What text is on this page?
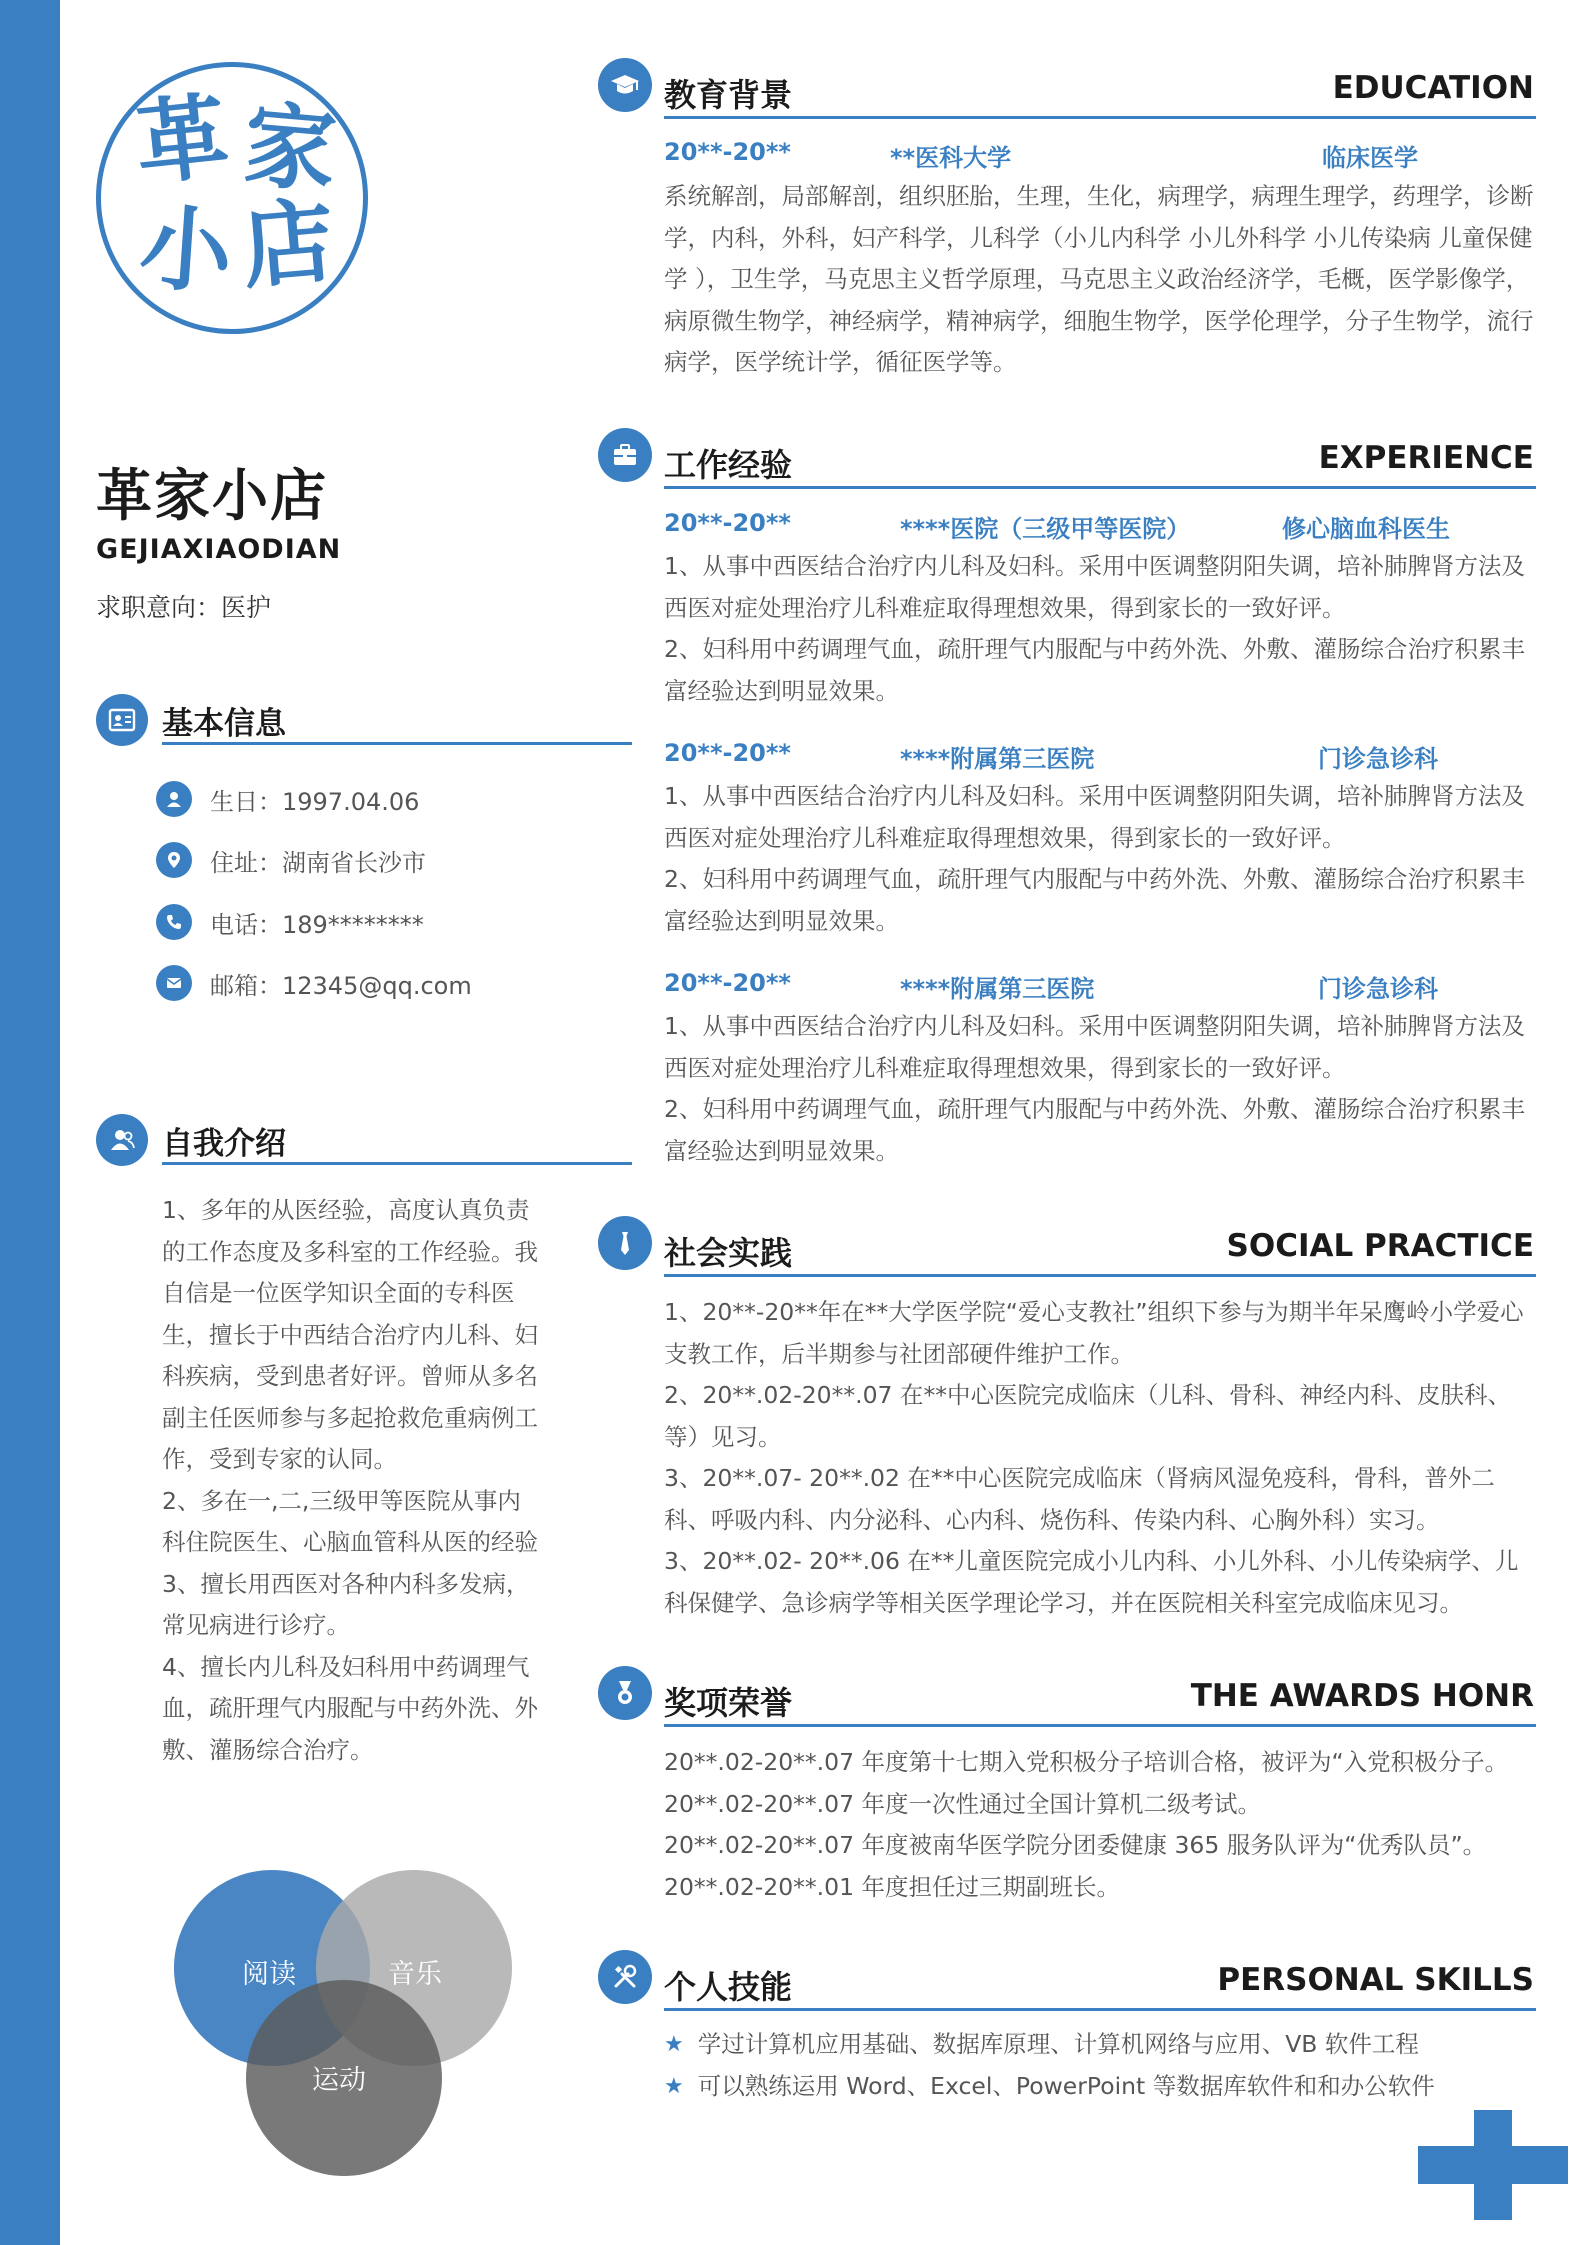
革 家
小 店
革家小店
GEJIAXIAODIAN
求职意向：医护
基本信息
生日：1997.04.06
住址：湖南省长沙市
电话：189********
邮箱：12345@qq.com
自我介绍

1、多年的从医经验，高度认真负责的工作态度及多科室的工作经验。我自信是一位医学知识全面的专科医生，擅长于中西结合治疗内儿科、妇科疾病，受到患者好评。曾师从多名副主任医师参与多起抢救危重病例工作，受到专家的认同。

2、多在一,二,三级甲等医院从事内科住院医生、心脑血管科从医的经验

3、擅长用西医对各种内科多发病，常见病进行诊疗。

4、擅长内儿科及妇科用中药调理气血，疏肝理气内服配与中药外洗、外敷、灌肠综合治疗。

阅读	音乐
运动
教育背景	EDUCATION
20**-20**	**医科大学	临床医学

系统解剖，局部解剖，组织胚胎，生理，生化，病理学，病理生理学，药理学，诊断学，内科，外科，妇产科学，儿科学（小儿内科学 小儿外科学 小儿传染病 儿童保健学 ），卫生学，马克思主义哲学原理，马克思主义政治经济学，毛概，医学影像学，病原微生物学，神经病学，精神病学，细胞生物学，医学伦理学，分子生物学，流行病学，医学统计学，循征医学等。

工作经验	EXPERIENCE
20**-20**	****医院（三级甲等医院）	修心脑血科医生

1、从事中西医结合治疗内儿科及妇科。采用中医调整阴阳失调，培补肺脾肾方法及西医对症处理治疗儿科难症取得理想效果，得到家长的一致好评。

2、妇科用中药调理气血，疏肝理气内服配与中药外洗、外敷、灌肠综合治疗积累丰富经验达到明显效果。

20**-20**	****附属第三医院	门诊急诊科

1、从事中西医结合治疗内儿科及妇科。采用中医调整阴阳失调，培补肺脾肾方法及西医对症处理治疗儿科难症取得理想效果，得到家长的一致好评。

2、妇科用中药调理气血，疏肝理气内服配与中药外洗、外敷、灌肠综合治疗积累丰富经验达到明显效果。

20**-20**	****附属第三医院	门诊急诊科

1、从事中西医结合治疗内儿科及妇科。采用中医调整阴阳失调，培补肺脾肾方法及西医对症处理治疗儿科难症取得理想效果，得到家长的一致好评。

2、妇科用中药调理气血，疏肝理气内服配与中药外洗、外敷、灌肠综合治疗积累丰富经验达到明显效果。

社会实践	SOCIAL PRACTICE

1、20**-20**年在**大学医学院“爱心支教社”组织下参与为期半年呆鹰岭小学爱心支教工作，后半期参与社团部硬件维护工作。

2、20**.02-20**.07 在**中心医院完成临床（儿科、骨科、神经内科、皮肤科、等）见习。

3、20**.07- 20**.02 在**中心医院完成临床（肾病风湿免疫科，骨科，普外二科、呼吸内科、内分泌科、心内科、烧伤科、传染内科、心胸外科）实习。

3、20**.02- 20**.06 在**儿童医院完成小儿内科、小儿外科、小儿传染病学、儿科保健学、急诊病学等相关医学理论学习，并在医院相关科室完成临床见习。

奖项荣誉	THE AWARDS HONR

20**.02-20**.07 年度第十七期入党积极分子培训合格，被评为“入党积极分子。

20**.02-20**.07 年度一次性通过全国计算机二级考试。

20**.02-20**.07 年度被南华医学院分团委健康 365 服务队评为“优秀队员”。

20**.02-20**.01 年度担任过三期副班长。

个人技能	PERSONAL SKILLS
★ 学过计算机应用基础、数据库原理、计算机网络与应用、VB 软件工程
★ 可以熟练运用 Word、Excel、PowerPoint 等数据库软件和和办公软件
